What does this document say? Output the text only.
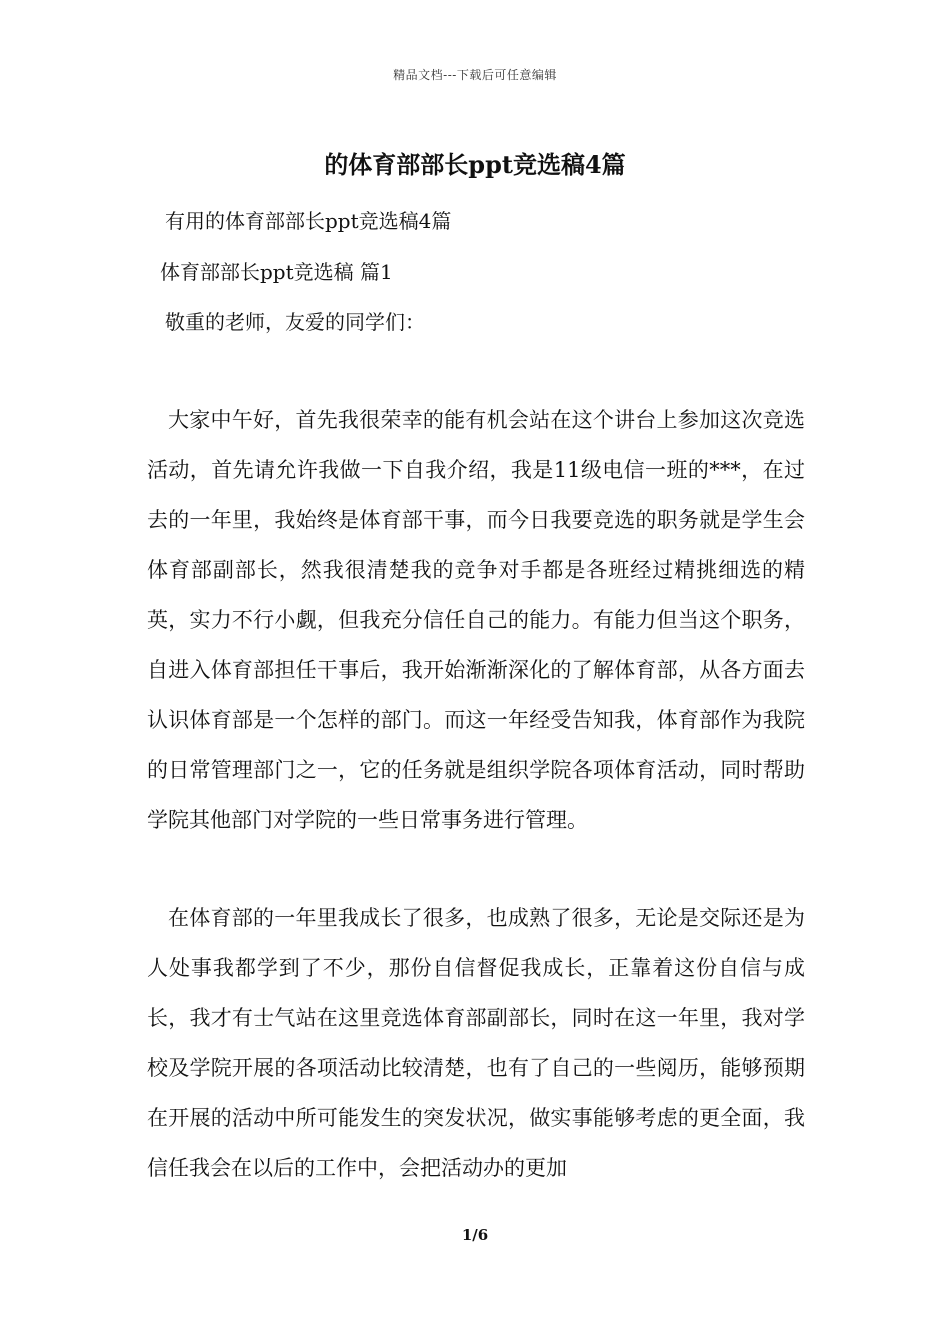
精品文档---下载后可任意编辑
的体育部部长ppt竞选稿4篇
有用的体育部部长ppt竞选稿4篇
体育部部长ppt竞选稿 篇1
敬重的老师，友爱的同学们：

大家中午好，首先我很荣幸的能有机会站在这个讲台上参加这次竞选活动，首先请允许我做一下自我介绍，我是11级电信一班的***，在过去的一年里，我始终是体育部干事，而今日我要竞选的职务就是学生会体育部副部长，然我很清楚我的竞争对手都是各班经过精挑细选的精英，实力不行小觑，但我充分信任自己的能力。有能力但当这个职务，自进入体育部担任干事后，我开始渐渐深化的了解体育部，从各方面去认识体育部是一个怎样的部门。而这一年经受告知我，体育部作为我院的日常管理部门之一，它的任务就是组织学院各项体育活动，同时帮助学院其他部门对学院的一些日常事务进行管理。

在体育部的一年里我成长了很多，也成熟了很多，无论是交际还是为人处事我都学到了不少，那份自信督促我成长，正靠着这份自信与成长，我才有士气站在这里竞选体育部副部长，同时在这一年里，我对学校及学院开展的各项活动比较清楚，也有了自己的一些阅历，能够预期在开展的活动中所可能发生的突发状况，做实事能够考虑的更全面，我信任我会在以后的工作中，会把活动办的更加

1/6
